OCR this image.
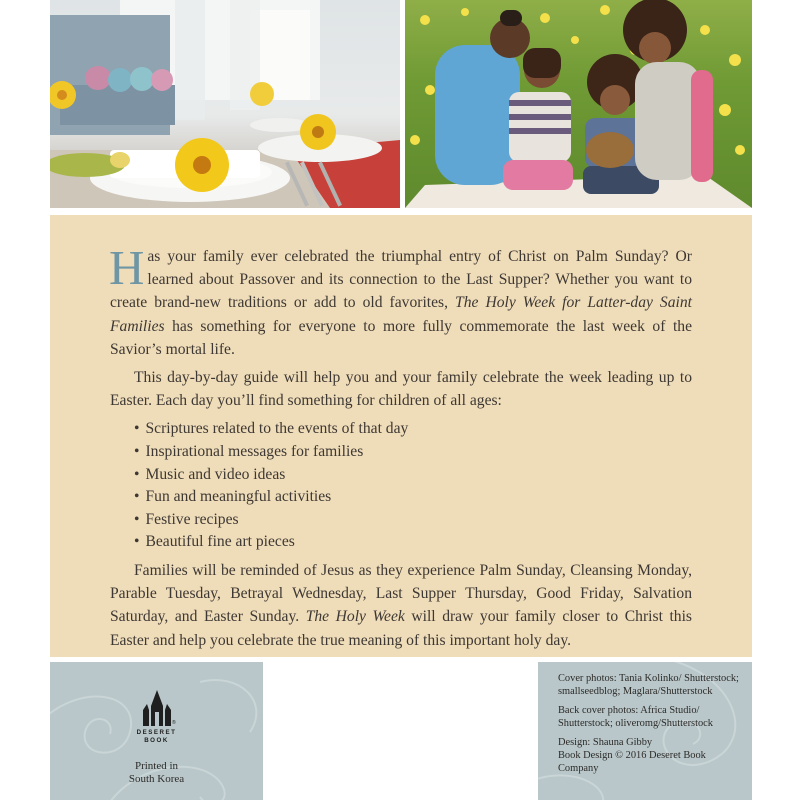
Has your family ever celebrated the triumphal entry of Christ on Palm Sunday? Or learned about Passover and its connection to the Last Supper? Whether you want to create brand-new traditions or add to old favorites, The Holy Week for Latter-day Saint Families has something for everyone to more fully commemorate the last week of the Savior’s mortal life.

This day-by-day guide will help you and your family celebrate the week leading up to Easter. Each day you’ll find something for children of all ages:

• Scriptures related to the events of that day
• Inspirational messages for families
• Music and video ideas
• Fun and meaningful activities
• Festive recipes
• Beautiful fine art pieces

Families will be reminded of Jesus as they experience Palm Sunday, Cleansing Monday, Parable Tuesday, Betrayal Wednesday, Last Supper Thursday, Good Friday, Salvation Saturday, and Easter Sunday. The Holy Week will draw your family closer to Christ this Easter and help you celebrate the true meaning of this important holy day.

®
DESERET
BOOK
Printed in
South Korea

Cover photos: Tania Kolinko/ Shutterstock; smallseedblog; Maglara/Shutterstock

Back cover photos: Africa Studio/ Shutterstock; oliveromg/Shutterstock

Design: Shauna Gibby
Book Design © 2016 Deseret Book Company
